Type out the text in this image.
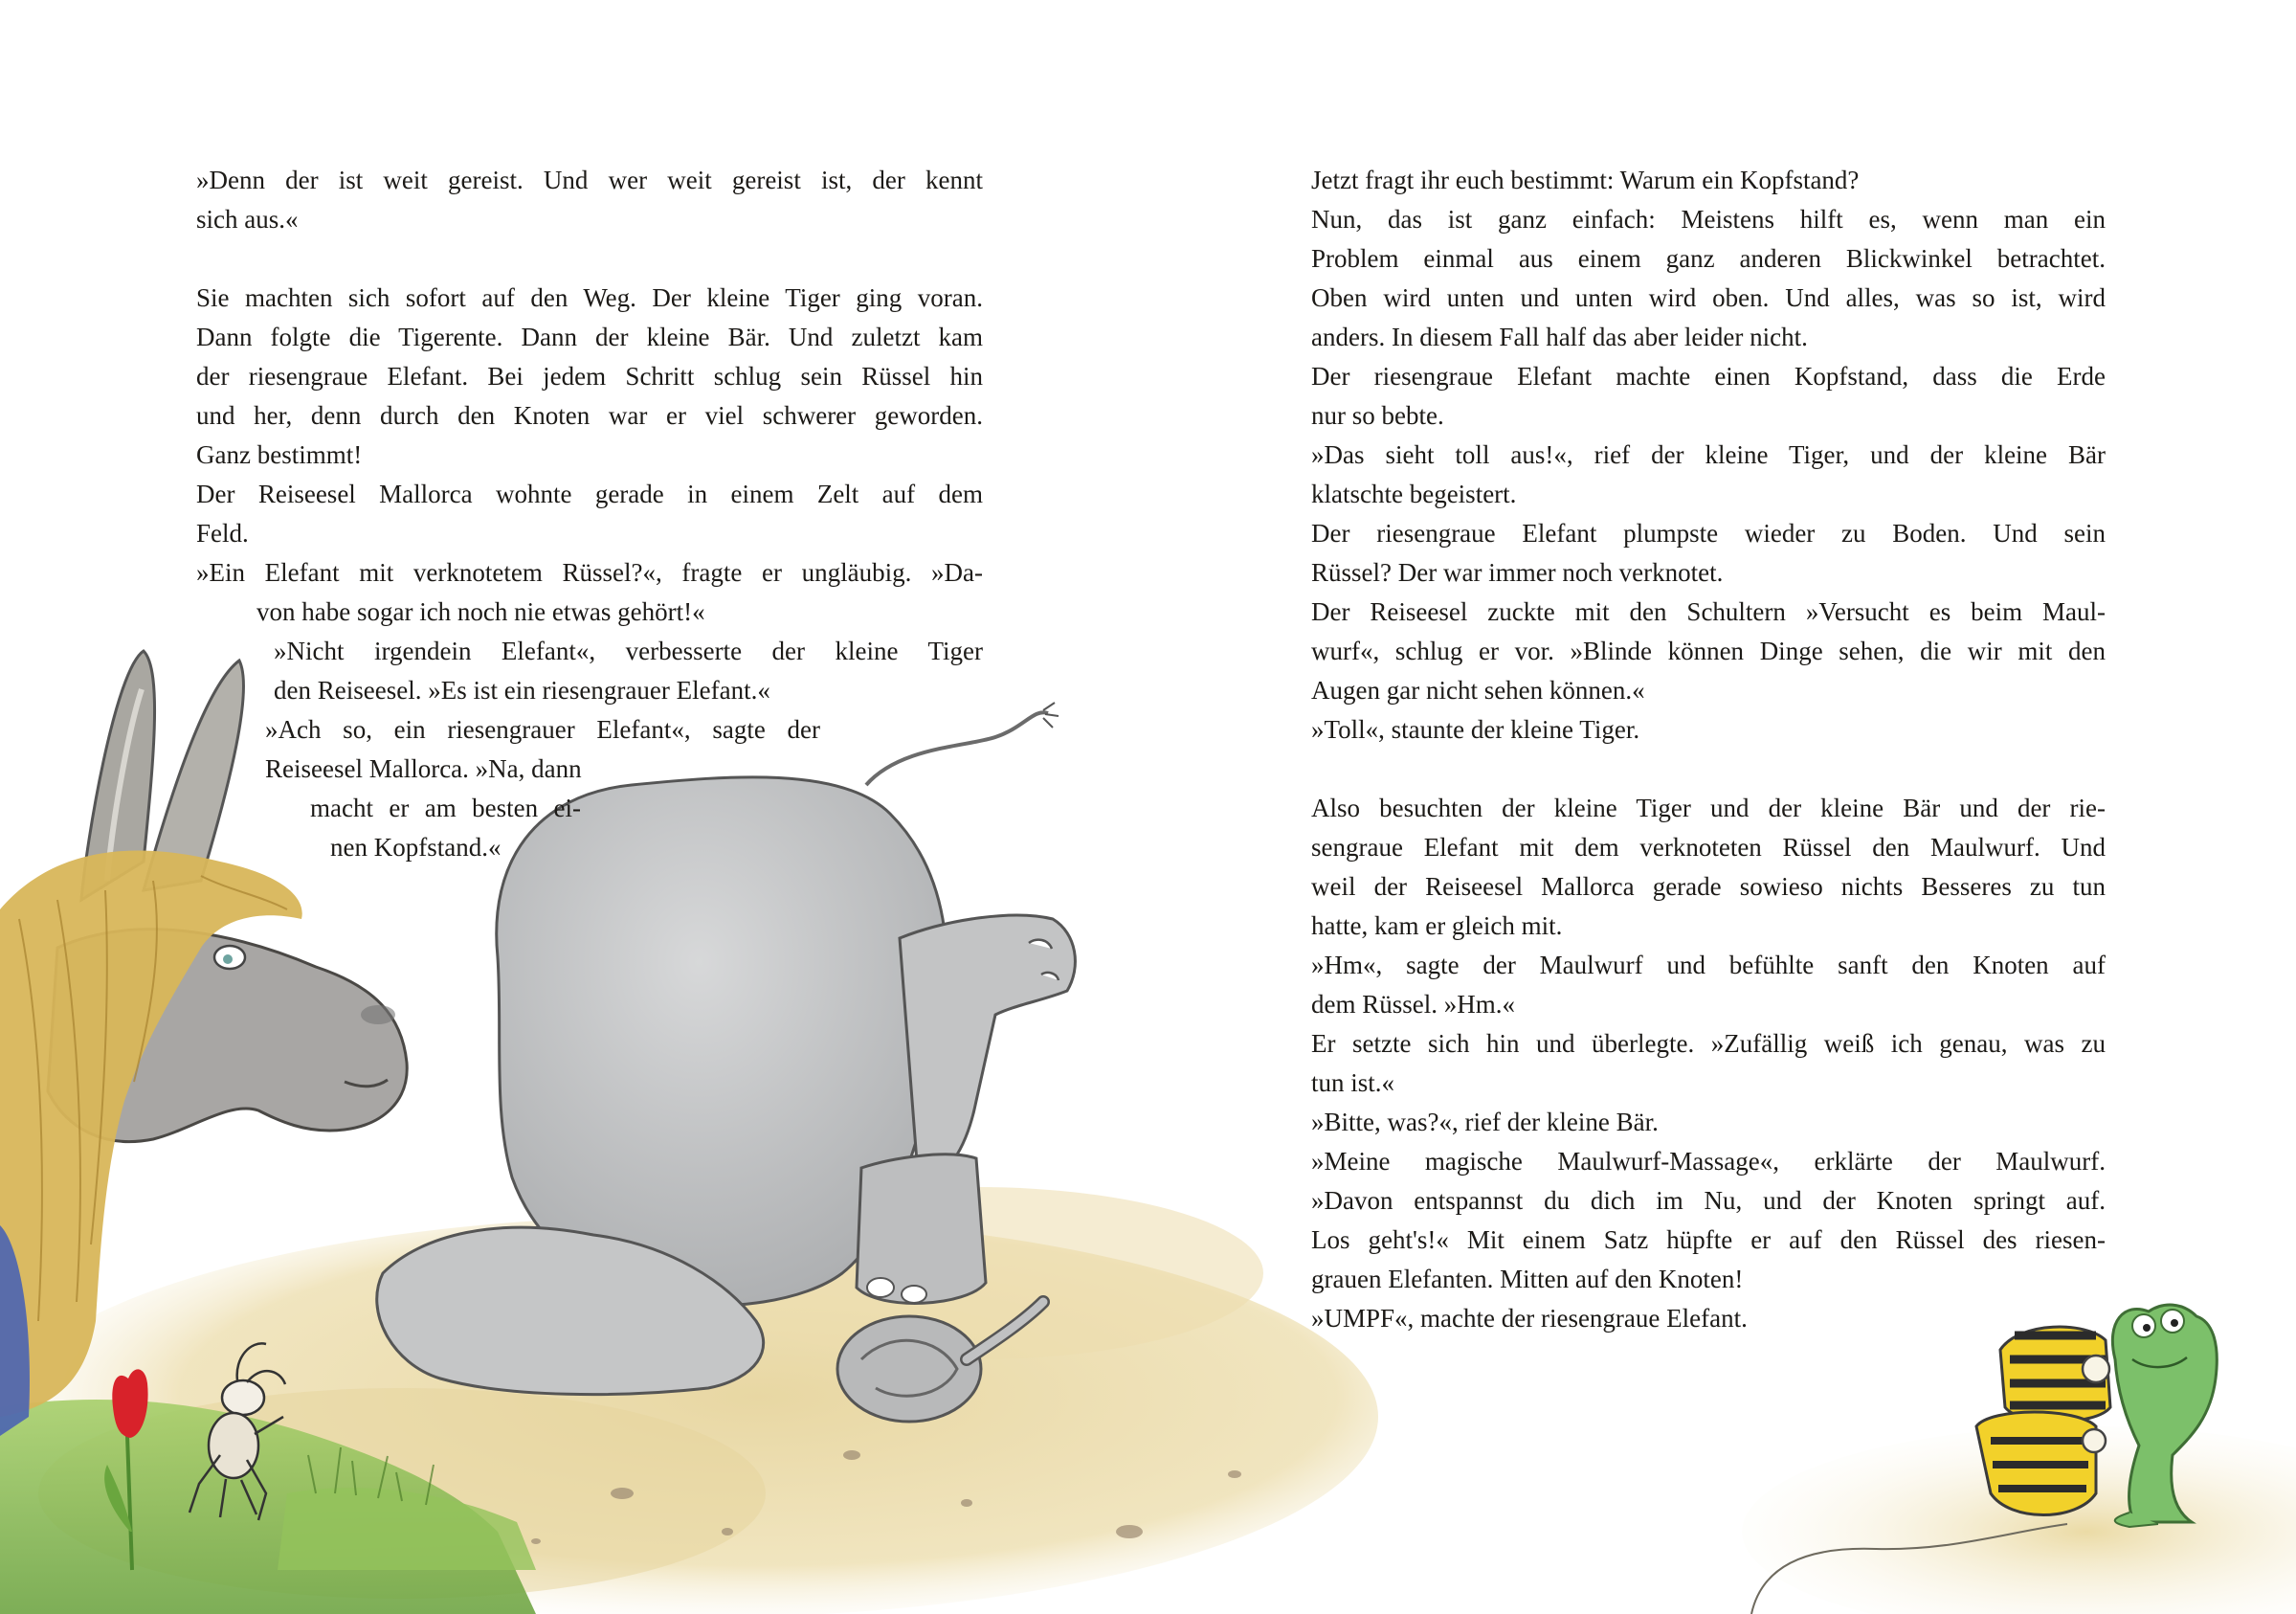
»Denn der ist weit gereist. Und wer weit gereist ist, der kennt
sich aus.«
Sie machten sich sofort auf den Weg. Der kleine Tiger ging voran.
Dann folgte die Tigerente. Dann der kleine Bär. Und zuletzt kam
der riesengraue Elefant. Bei jedem Schritt schlug sein Rüssel hin
und her, denn durch den Knoten war er viel schwerer geworden.
Ganz bestimmt!
Der Reiseesel Mallorca wohnte gerade in einem Zelt auf dem
Feld.
»Ein Elefant mit verknotetem Rüssel?«, fragte er ungläubig. »Da-
von habe sogar ich noch nie etwas gehört!«
»Nicht irgendein Elefant«, verbesserte der kleine Tiger
den Reiseesel. »Es ist ein riesengrauer Elefant.«
»Ach so, ein riesengrauer Elefant«, sagte der
Reiseesel Mallorca. »Na, dann
macht er am besten ei-
nen Kopfstand.«
Jetzt fragt ihr euch bestimmt: Warum ein Kopfstand?
Nun, das ist ganz einfach: Meistens hilft es, wenn man ein
Problem einmal aus einem ganz anderen Blickwinkel betrachtet.
Oben wird unten und unten wird oben. Und alles, was so ist, wird
anders. In diesem Fall half das aber leider nicht.
Der riesengraue Elefant machte einen Kopfstand, dass die Erde
nur so bebte.
»Das sieht toll aus!«, rief der kleine Tiger, und der kleine Bär
klatschte begeistert.
Der riesengraue Elefant plumpste wieder zu Boden. Und sein
Rüssel? Der war immer noch verknotet.
Der Reiseesel zuckte mit den Schultern »Versucht es beim Maul-
wurf«, schlug er vor. »Blinde können Dinge sehen, die wir mit den
Augen gar nicht sehen können.«
»Toll«, staunte der kleine Tiger.
Also besuchten der kleine Tiger und der kleine Bär und der rie-
sengraue Elefant mit dem verknoteten Rüssel den Maulwurf. Und
weil der Reiseesel Mallorca gerade sowieso nichts Besseres zu tun
hatte, kam er gleich mit.
»Hm«, sagte der Maulwurf und befühlte sanft den Knoten auf
dem Rüssel. »Hm.«
Er setzte sich hin und überlegte. »Zufällig weiß ich genau, was zu
tun ist.«
»Bitte, was?«, rief der kleine Bär.
»Meine magische Maulwurf-Massage«, erklärte der Maulwurf.
»Davon entspannst du dich im Nu, und der Knoten springt auf.
Los geht's!« Mit einem Satz hüpfte er auf den Rüssel des riesen-
grauen Elefanten. Mitten auf den Knoten!
»UMPF«, machte der riesengraue Elefant.
